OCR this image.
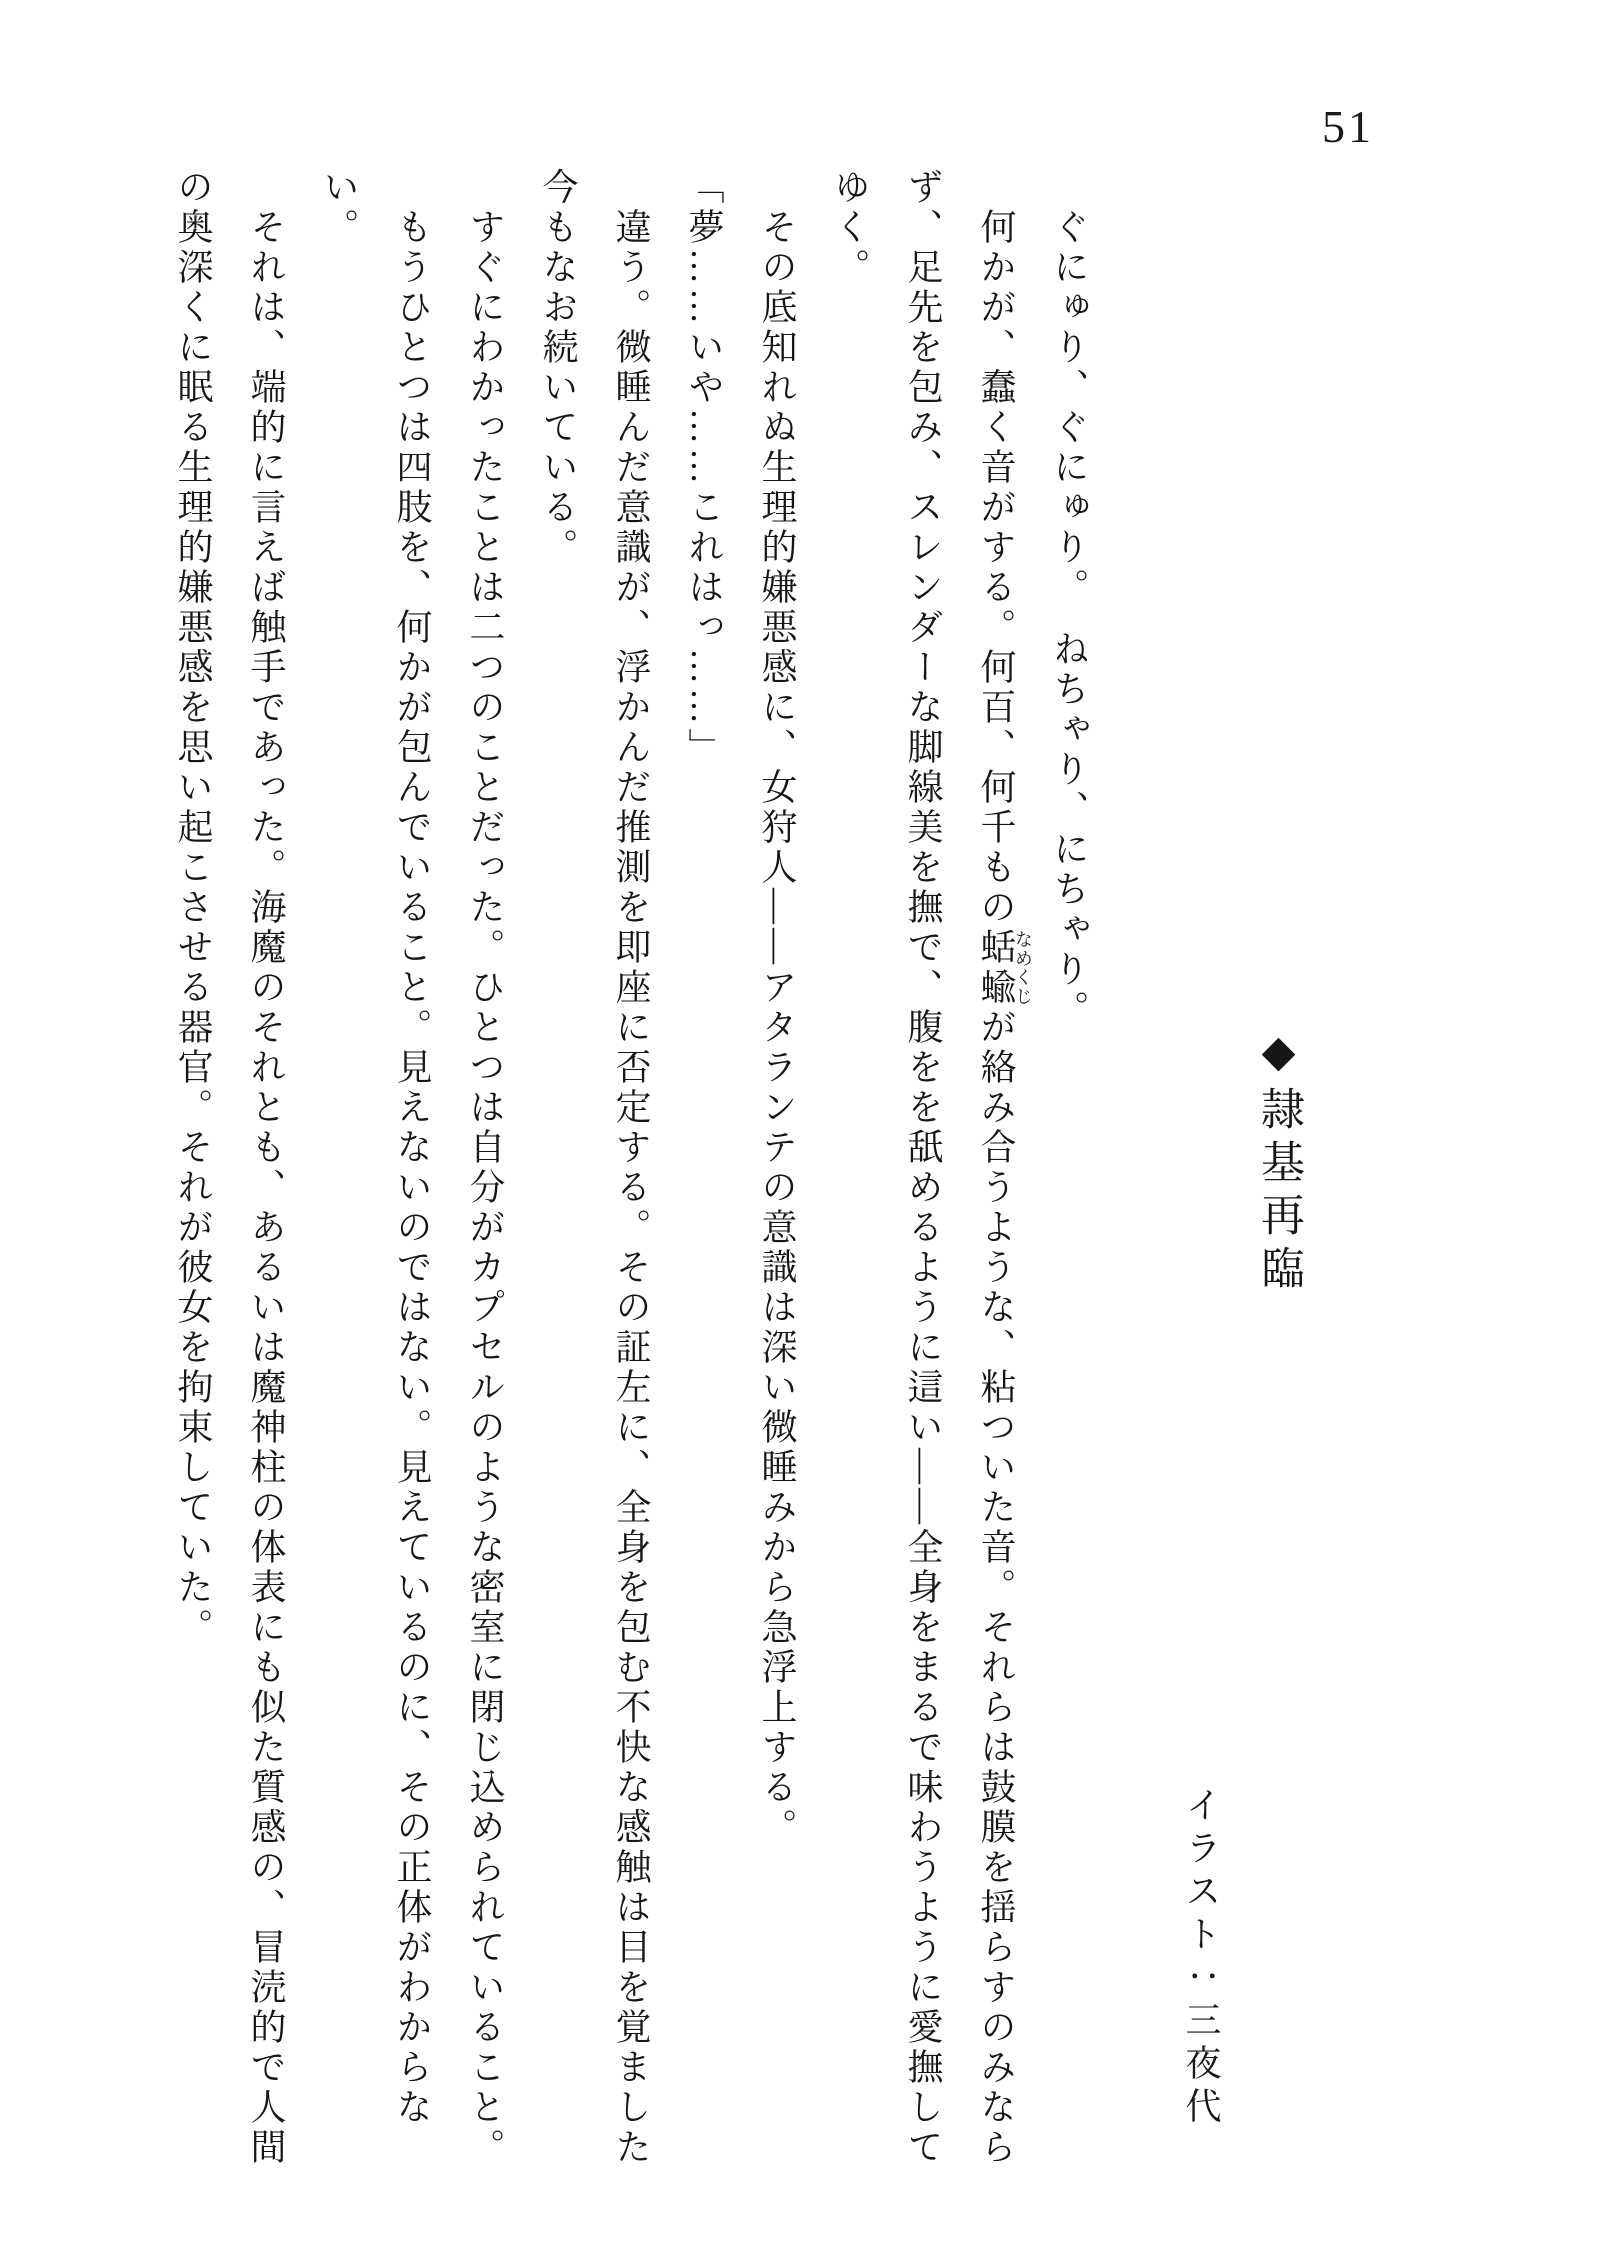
51
◆隷基再臨
イラスト：三夜代

ぐにゅり、ぐにゅり。　ねちゃり、にちゃり。

何かが、蠢く音がする。何百、何千もの蛞蝓なめくじが絡み合うような、粘ついた音。それらは鼓膜を揺らすのみならず、足先を包み、スレンダーな脚線美を撫で、腹をを舐めるように這い――全身をまるで味わうように愛撫してゆく。

その底知れぬ生理的嫌悪感に、女狩人――アタランテの意識は深い微睡みから急浮上する。

「夢……いや……これはっ……」

違う。微睡んだ意識が、浮かんだ推測を即座に否定する。その証左に、全身を包む不快な感触は目を覚ました今もなお続いている。

すぐにわかったことは二つのことだった。ひとつは自分がカプセルのような密室に閉じ込められていること。

もうひとつは四肢を、何かが包んでいること。見えないのではない。見えているのに、その正体がわからない。

それは、端的に言えば触手であった。海魔のそれとも、あるいは魔神柱の体表にも似た質感の、冒涜的で人間の奥深くに眠る生理的嫌悪感を思い起こさせる器官。それが彼女を拘束していた。
